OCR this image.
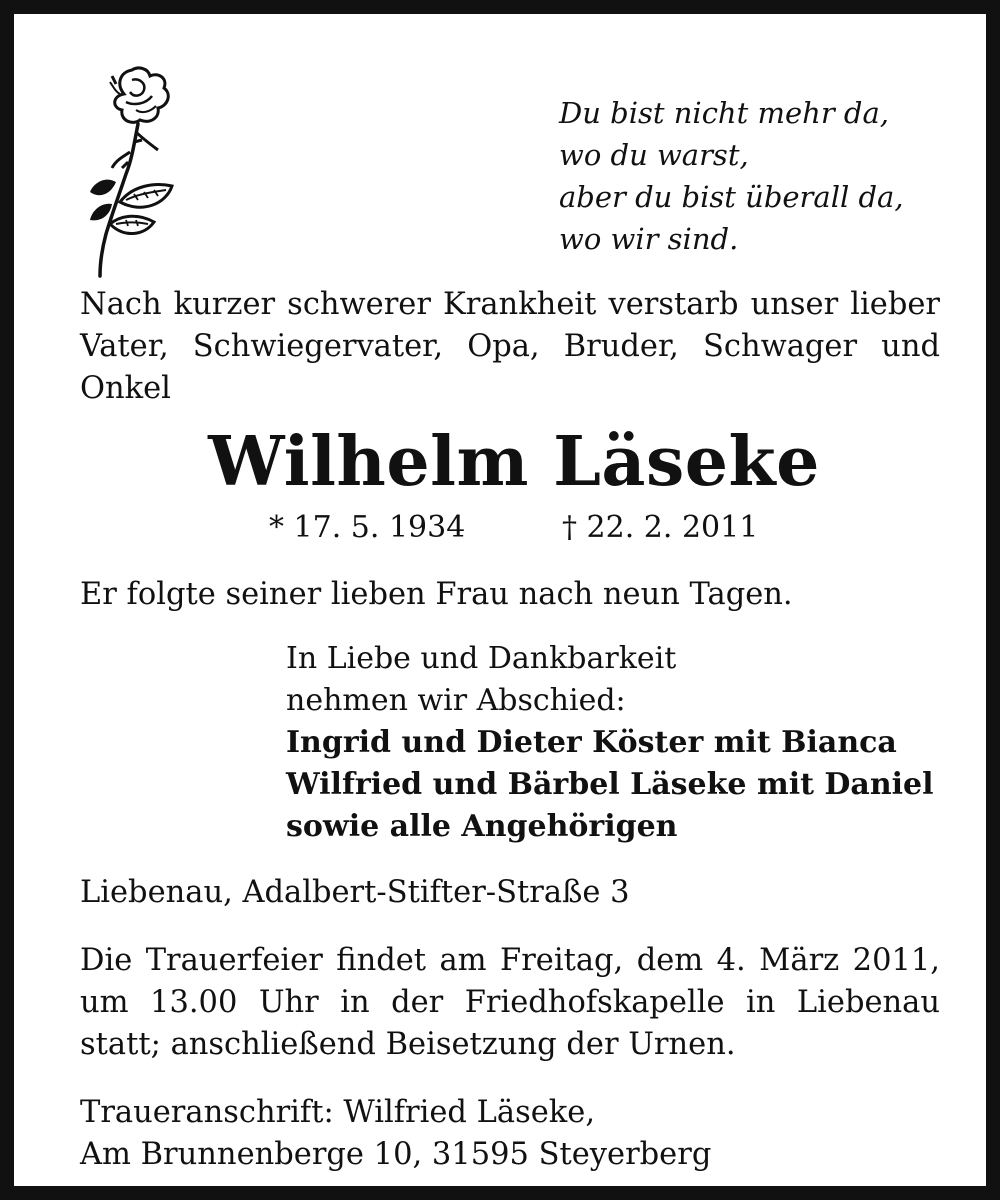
Du bist nicht mehr da,
wo du warst,
aber du bist überall da,
wo wir sind.
Nach kurzer schwerer Krankheit verstarb unser lieber Vater, Schwiegervater, Opa, Bruder, Schwager und Onkel
Wilhelm Läseke
* 17. 5. 1934	† 22. 2. 2011
Er folgte seiner lieben Frau nach neun Tagen.
In Liebe und Dankbarkeit
nehmen wir Abschied:
Ingrid und Dieter Köster mit Bianca
Wilfried und Bärbel Läseke mit Daniel
sowie alle Angehörigen
Liebenau, Adalbert-Stifter-Straße 3
Die Trauerfeier findet am Freitag, dem 4. März 2011, um 13.00 Uhr in der Friedhofskapelle in Liebenau statt; anschließend Beisetzung der Urnen.
Traueranschrift: Wilfried Läseke,
Am Brunnenberge 10, 31595 Steyerberg
